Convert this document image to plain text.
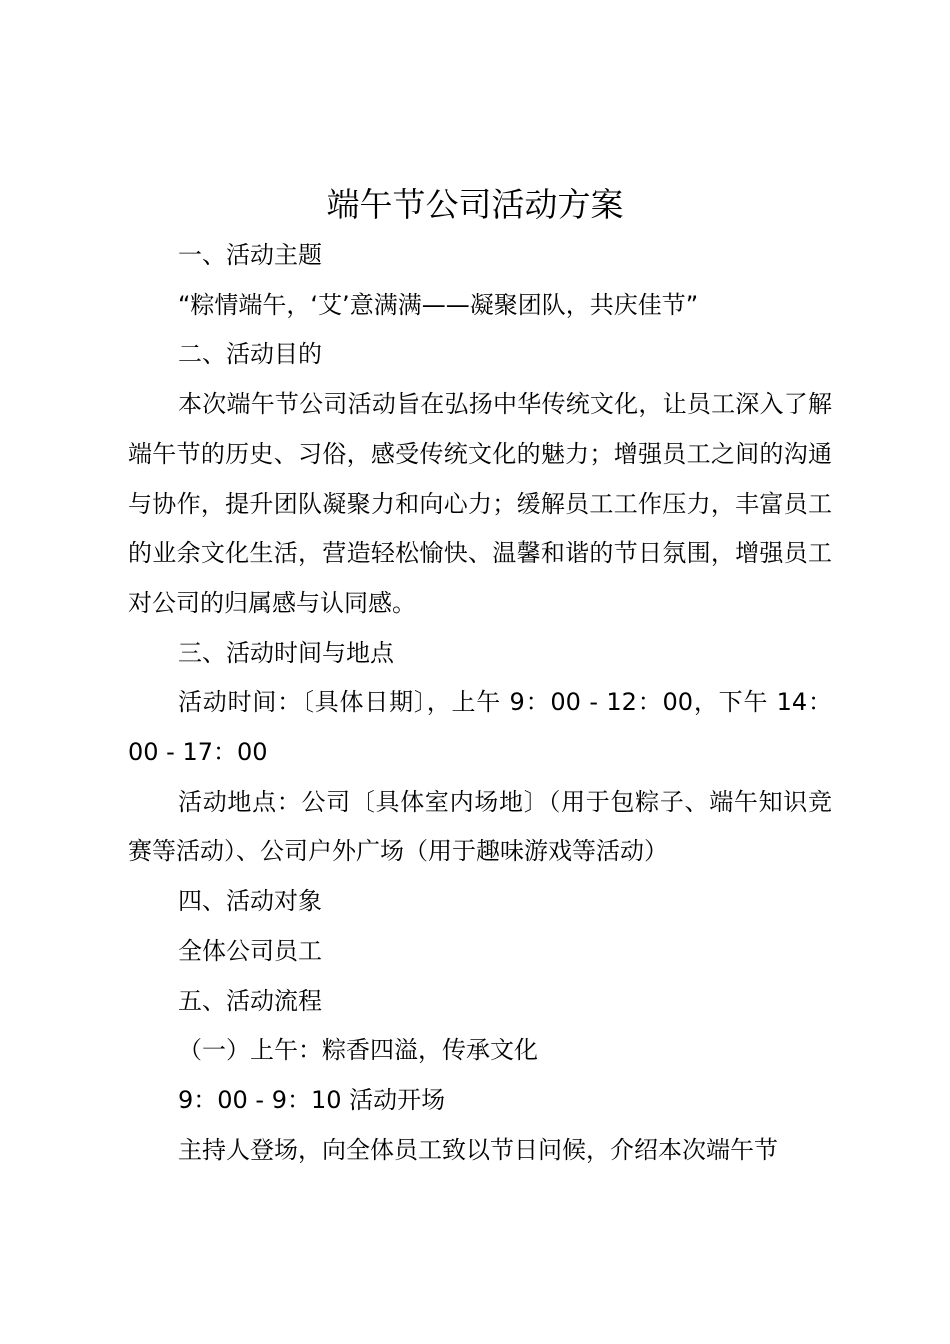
端午节公司活动方案

一、活动主题

“粽情端午，‘艾’意满满——凝聚团队，共庆佳节”

二、活动目的

本次端午节公司活动旨在弘扬中华传统文化，让员工深入了解端午节的历史、习俗，感受传统文化的魅力；增强员工之间的沟通与协作，提升团队凝聚力和向心力；缓解员工工作压力，丰富员工的业余文化生活，营造轻松愉快、温馨和谐的节日氛围，增强员工对公司的归属感与认同感。

三、活动时间与地点

活动时间：〔具体日期〕，上午 9：00 - 12：00，下午 14：00 - 17：00

活动地点：公司〔具体室内场地〕（用于包粽子、端午知识竞赛等活动）、公司户外广场（用于趣味游戏等活动）

四、活动对象

全体公司员工

五、活动流程

（一）上午：粽香四溢，传承文化

9：00 - 9：10 活动开场

主持人登场，向全体员工致以节日问候，介绍本次端午节
